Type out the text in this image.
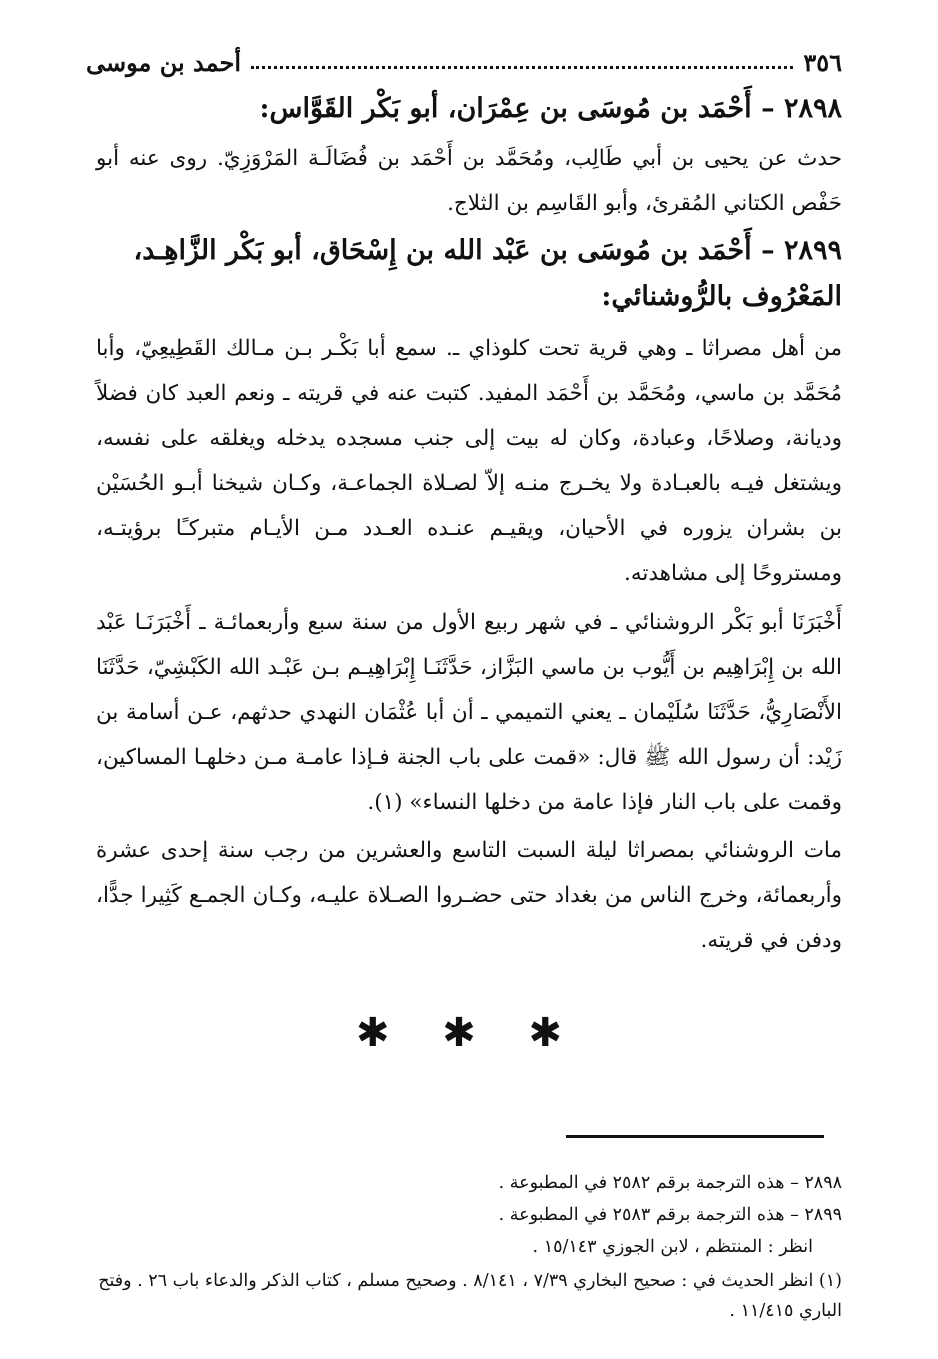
٣٥٦
أحمد بن موسى
٢٨٩٨ – أَحْمَد بن مُوسَى بن عِمْرَان، أبو بَكْر القَوَّاس:
حدث عن يحيى بن أبي طَالِب، ومُحَمَّد بن أَحْمَد بن فُضَالَـة المَرْوَزِيّ. روى عنه أبو حَفْص الكتاني المُقرئ، وأبو القَاسِم بن الثلاج.
٢٨٩٩ – أَحْمَد بن مُوسَى بن عَبْد الله بن إِسْحَاق، أبو بَكْر الزَّاهِـد، المَعْرُوف بالرُّوشنائي:
من أهل مصراثا ـ وهي قرية تحت كلوذاي ـ. سمع أبا بَكْـر بـن مـالك القَطِيعِيّ، وأبا مُحَمَّد بن ماسي، ومُحَمَّد بن أَحْمَد المفيد. كتبت عنه في قريته ـ ونعم العبد كان فضلاً وديانة، وصلاحًا، وعبادة، وكان له بيت إلى جنب مسجده يدخله ويغلقه على نفسه، ويشتغل فيـه بالعبـادة ولا يخـرج منـه إلاّ لصـلاة الجماعـة، وكـان شيخنا أبـو الحُسَيْن بن بشران يزوره في الأحيان، ويقيـم عنـده العـدد مـن الأيـام متبركـًا برؤيتـه، ومستروحًا إلى مشاهدته.
أَخْبَرَنَا أبو بَكْر الروشنائي ـ في شهر ربيع الأول من سنة سبع وأربعمائـة ـ أَخْبَرَنَـا عَبْد الله بن إِبْرَاهِيم بن أَيُّوب بن ماسي البَزَّاز، حَدَّثَنَـا إِبْرَاهِيـم بـن عَبْـد الله الكَبْشِيّ، حَدَّثَنَا الأَنْصَارِيُّ، حَدَّثَنَا سُلَيْمان ـ يعني التميمي ـ أن أبا عُثْمَان النهدي حدثهم، عـن أسامة بن زَيْد: أن رسول الله ﷺ قال: «قمت على باب الجنة فـإذا عامـة مـن دخلهـا المساكين، وقمت على باب النار فإذا عامة من دخلها النساء» (١).
مات الروشنائي بمصراثا ليلة السبت التاسع والعشرين من رجب سنة إحدى عشرة وأربعمائة، وخرج الناس من بغداد حتى حضـروا الصـلاة عليـه، وكـان الجمـع كَثِيرا جدًّا، ودفن في قريته.
✱ ✱ ✱
٢٨٩٨ – هذه الترجمة برقم ٢٥٨٢ في المطبوعة .
٢٨٩٩ – هذه الترجمة برقم ٢٥٨٣ في المطبوعة .
انظر : المنتظم ، لابن الجوزي ١٥/١٤٣ .
(١) انظر الحديث في : صحيح البخاري ٧/٣٩ ، ٨/١٤١ . وصحيح مسلم ، كتاب الذكر والدعاء باب ٢٦ . وفتح الباري ١١/٤١٥ .
